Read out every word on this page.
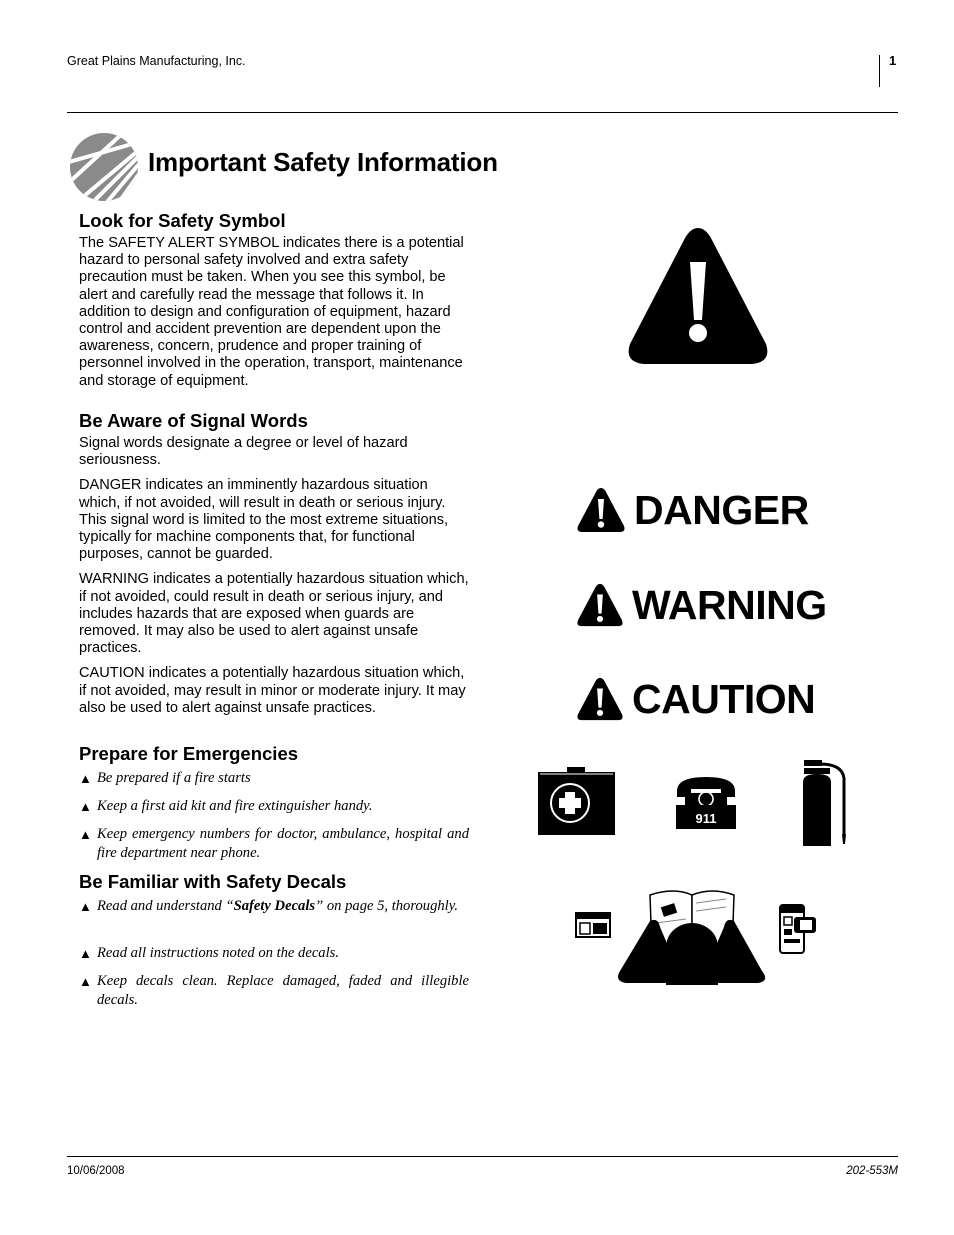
Great Plains Manufacturing, Inc.	1
Important Safety Information
Look for Safety Symbol

The SAFETY ALERT SYMBOL indicates there is a potential hazard to personal safety involved and extra safety precaution must be taken. When you see this symbol, be alert and carefully read the message that follows it. In addition to design and configuration of equipment, hazard control and accident prevention are dependent upon the awareness, concern, prudence and proper training of personnel involved in the operation, transport, maintenance and storage of equipment.

Be Aware of Signal Words

Signal words designate a degree or level of hazard seriousness.

DANGER indicates an imminently hazardous situation which, if not avoided, will result in death or serious injury. This signal word is limited to the most extreme situations, typically for machine components that, for functional purposes, cannot be guarded.

WARNING indicates a potentially hazardous situation which, if not avoided, could result in death or serious injury, and includes hazards that are exposed when guards are removed. It may also be used to alert against unsafe practices.

CAUTION indicates a potentially hazardous situation which, if not avoided, may result in minor or moderate injury. It may also be used to alert against unsafe practices.

Prepare for Emergencies
▲ Be prepared if a fire starts
▲ Keep a first aid kit and fire extinguisher handy.
▲ Keep emergency numbers for doctor, ambulance, hospital and fire department near phone.
Be Familiar with Safety Decals
▲ Read and understand “Safety Decals” on page 5, thoroughly.
▲ Read all instructions noted on the decals.
▲ Keep decals clean. Replace damaged, faded and illegible decals.
DANGER
WARNING
CAUTION
911
10/06/2008	202-553M
